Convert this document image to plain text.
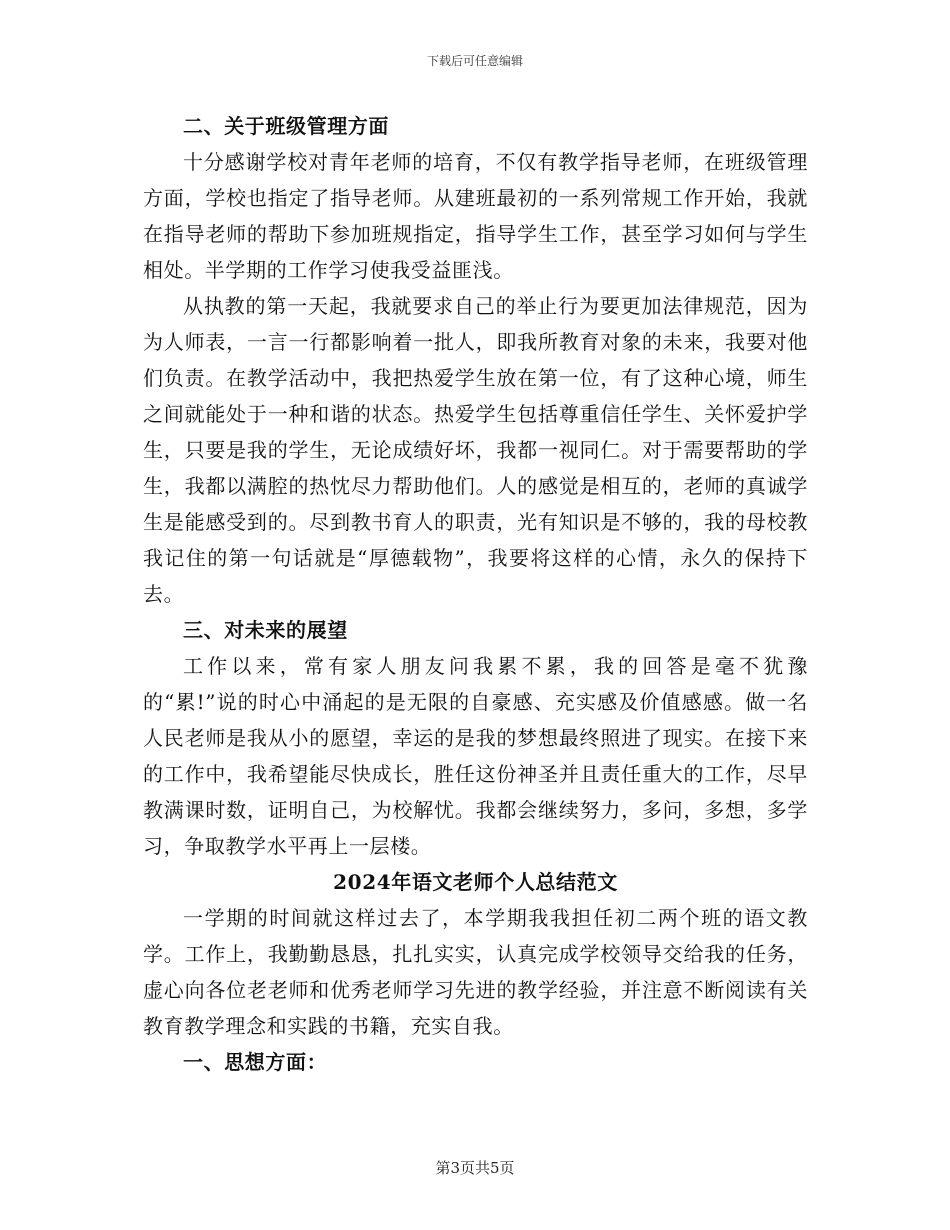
下载后可任意编辑

二、关于班级管理方面

十分感谢学校对青年老师的培育，不仅有教学指导老师，在班级管理方面，学校也指定了指导老师。从建班最初的一系列常规工作开始，我就在指导老师的帮助下参加班规指定，指导学生工作，甚至学习如何与学生相处。半学期的工作学习使我受益匪浅。

从执教的第一天起，我就要求自己的举止行为要更加法律规范，因为为人师表，一言一行都影响着一批人，即我所教育对象的未来，我要对他们负责。在教学活动中，我把热爱学生放在第一位，有了这种心境，师生之间就能处于一种和谐的状态。热爱学生包括尊重信任学生、关怀爱护学生，只要是我的学生，无论成绩好坏，我都一视同仁。对于需要帮助的学生，我都以满腔的热忱尽力帮助他们。人的感觉是相互的，老师的真诚学生是能感受到的。尽到教书育人的职责，光有知识是不够的，我的母校教我记住的第一句话就是“厚德载物”，我要将这样的心情，永久的保持下去。

三、对未来的展望

工作以来，常有家人朋友问我累不累，我的回答是毫不犹豫的“累!”说的时心中涌起的是无限的自豪感、充实感及价值感感。做一名人民老师是我从小的愿望，幸运的是我的梦想最终照进了现实。在接下来的工作中，我希望能尽快成长，胜任这份神圣并且责任重大的工作，尽早教满课时数，证明自己，为校解忧。我都会继续努力，多问，多想，多学习，争取教学水平再上一层楼。

2024年语文老师个人总结范文

一学期的时间就这样过去了，本学期我我担任初二两个班的语文教学。工作上，我勤勤恳恳，扎扎实实，认真完成学校领导交给我的任务，虚心向各位老老师和优秀老师学习先进的教学经验，并注意不断阅读有关教育教学理念和实践的书籍，充实自我。

一、思想方面：

第3页共5页
